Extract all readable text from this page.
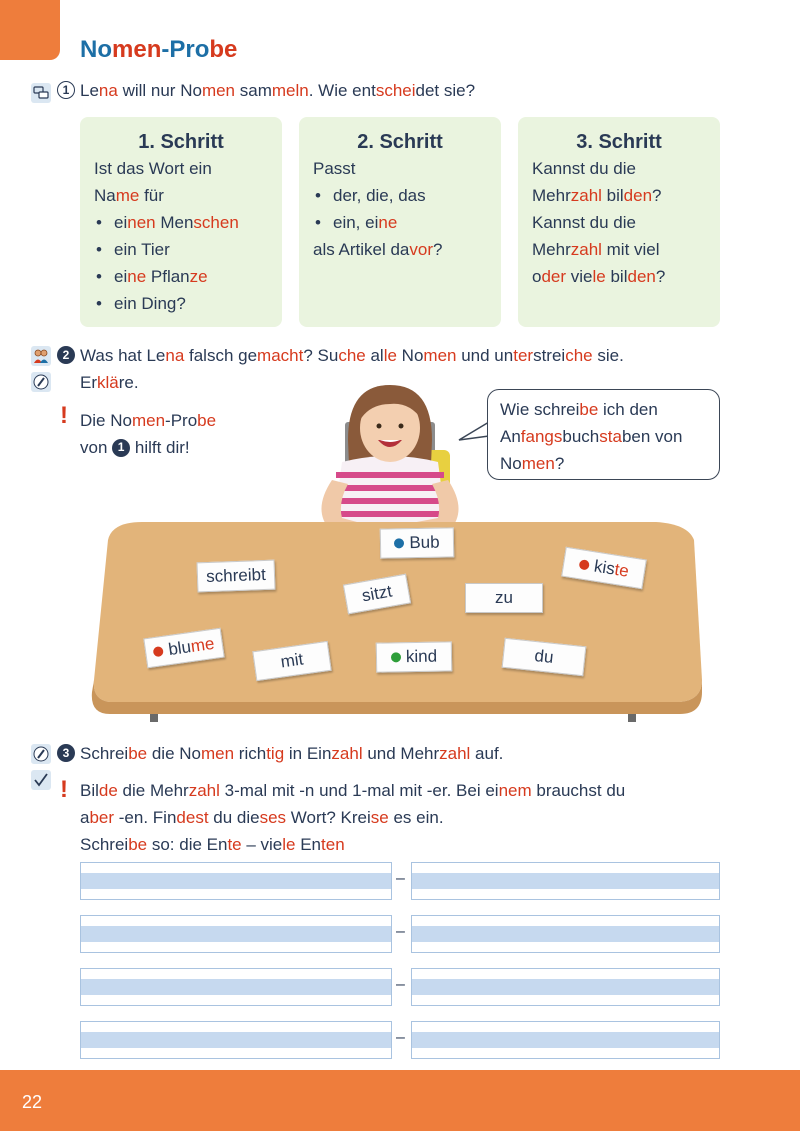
Nomen-Probe
1 Lena will nur Nomen sammeln. Wie entscheidet sie?
1. Schritt
Ist das Wort ein
Name für
• einen Menschen
• ein Tier
• eine Pflanze
• ein Ding?
2. Schritt
Passt
• der, die, das
• ein, eine
als Artikel davor?
3. Schritt
Kannst du die
Mehrzahl bilden?
Kannst du die
Mehrzahl mit viel
oder viele bilden?
2 Was hat Lena falsch gemacht? Suche alle Nomen und unterstreiche sie.
Erkläre.
! Die Nomen-Probe
von 1 hilft dir!
Bub
schreibt	kiste
sitzt	zu
blume
mit	kind	du
Wie schreibe ich den
Anfangsbuchstaben von
Nomen?
3 Schreibe die Nomen richtig in Einzahl und Mehrzahl auf.
! Bilde die Mehrzahl 3-mal mit -n und 1-mal mit -er. Bei einem brauchst du
aber -en. Findest du dieses Wort? Kreise es ein.
Schreibe so: die Ente – viele Enten
–
–
–
–
22
